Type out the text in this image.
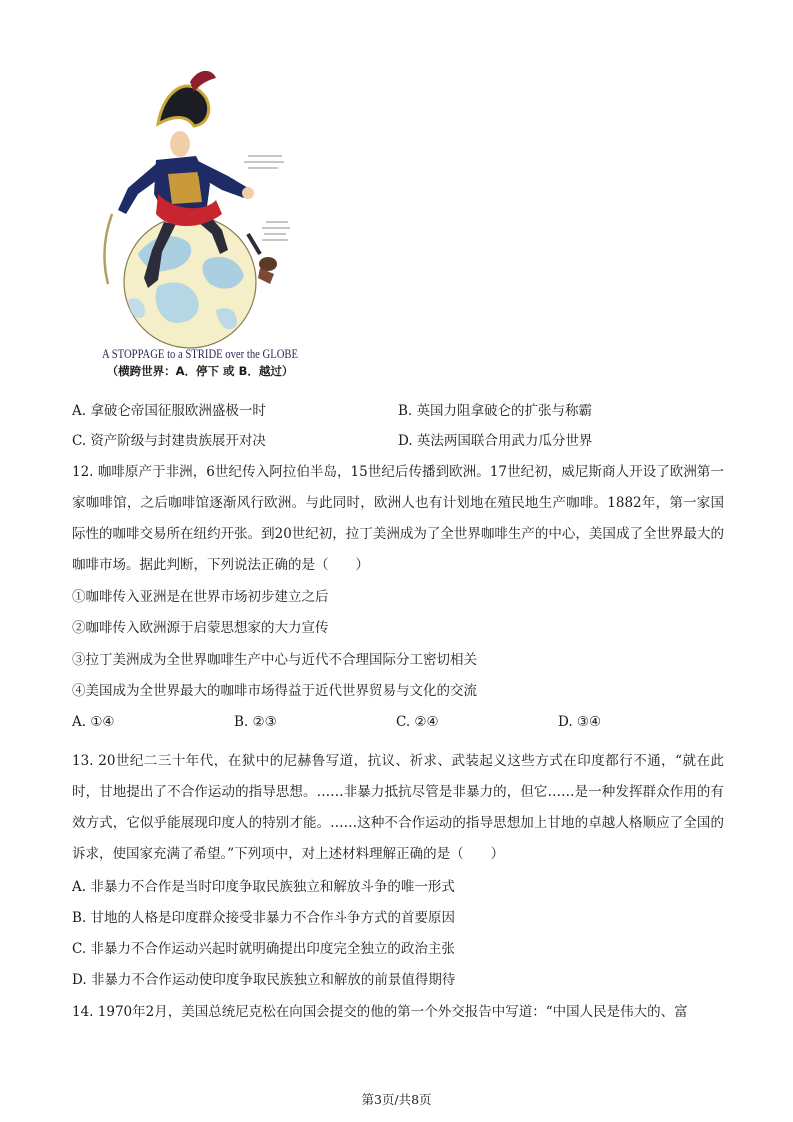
A STOPPAGE to a STRIDE over the GLOBE
（横跨世界：A．停下 或 B．越过）
A. 拿破仑帝国征服欧洲盛极一时	B. 英国力阻拿破仑的扩张与称霸
C. 资产阶级与封建贵族展开对决	D. 英法两国联合用武力瓜分世界
12. 咖啡原产于非洲，6世纪传入阿拉伯半岛，15世纪后传播到欧洲。17世纪初，威尼斯商人开设了欧洲第一家咖啡馆，之后咖啡馆逐渐风行欧洲。与此同时，欧洲人也有计划地在殖民地生产咖啡。1882年，第一家国际性的咖啡交易所在纽约开张。到20世纪初，拉丁美洲成为了全世界咖啡生产的中心，美国成了全世界最大的咖啡市场。据此判断，下列说法正确的是（　　）
①咖啡传入亚洲是在世界市场初步建立之后
②咖啡传入欧洲源于启蒙思想家的大力宣传
③拉丁美洲成为全世界咖啡生产中心与近代不合理国际分工密切相关
④美国成为全世界最大的咖啡市场得益于近代世界贸易与文化的交流
A. ①④	B. ②③	C. ②④	D. ③④
13. 20世纪二三十年代，在狱中的尼赫鲁写道，抗议、祈求、武装起义这些方式在印度都行不通，“就在此时，甘地提出了不合作运动的指导思想。……非暴力抵抗尽管是非暴力的，但它……是一种发挥群众作用的有效方式，它似乎能展现印度人的特别才能。……这种不合作运动的指导思想加上甘地的卓越人格顺应了全国的诉求，使国家充满了希望。”下列项中，对上述材料理解正确的是（　　）
A. 非暴力不合作是当时印度争取民族独立和解放斗争的唯一形式
B. 甘地的人格是印度群众接受非暴力不合作斗争方式的首要原因
C. 非暴力不合作运动兴起时就明确提出印度完全独立的政治主张
D. 非暴力不合作运动使印度争取民族独立和解放的前景值得期待
14. 1970年2月，美国总统尼克松在向国会提交的他的第一个外交报告中写道：“中国人民是伟大的、富
第3页/共8页
